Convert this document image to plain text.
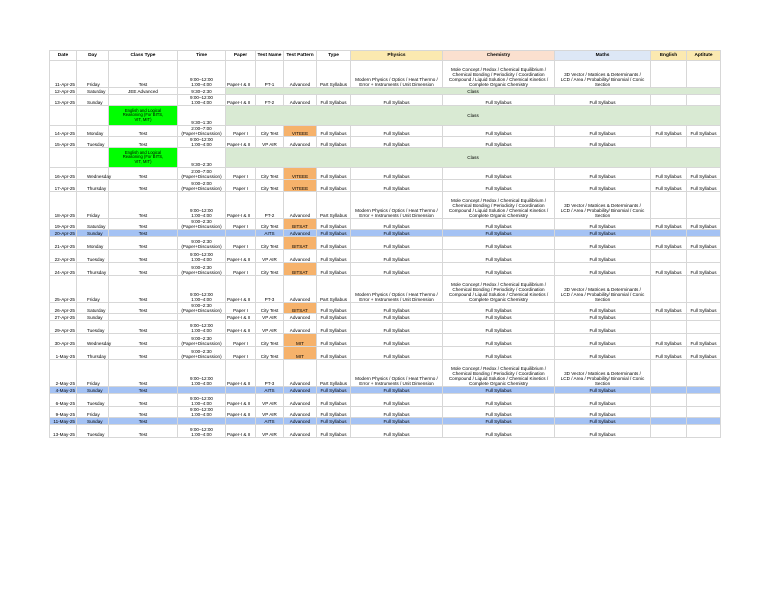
Date	Day	Class Type	Time	Paper	Test Name	Test Pattern	Type	Physics	Chemistry	Maths	English	Aptitute
11-Apr-25	Friday	Test	9:00–12:00
1:00–4:00	Paper-I & II	PT-1	Advanced	Part Syllabus	Modern Physics / Optics / Heat Thermo /
Error + Instruments / Unit Dimension	Mole Concept / Redox / Chemical Equilibrium /
Chemical Bonding / Periodicity / Coordination
Compound / Liquid Solution / Chemical Kinetics /
Complete Organic Chemistry	3D Vector / Matrices & Determinants /
LCD / Area / Probability/ Binomial / Conic
Section		
12-Apr-25	Saturday	JEE Advanced	9:30–2:30	Class								
13-Apr-25	Sunday		9:00–12:00
1:00–4:00	Paper-I & II	FT-2	Advanced	Full Syllabus	Full Syllabus	Full Syllabus	Full Syllabus		
		English and Logical
Reasoning (For BITS,
VIT, MIT)	9:30–1:30	Class								
14-Apr-25	Monday	Test	2:00–7:00
(Paper+Discussion)	Paper I	City Test	VITEEE	Full Syllabus	Full Syllabus	Full Syllabus	Full Syllabus	Full Syllabus	Full Syllabus
15-Apr-25	Tuesday	Test	9:00–12:00
1:00–4:00	Paper-I & II	VP AIR	Advanced	Full Syllabus	Full Syllabus	Full Syllabus	Full Syllabus		
		English and Logical
Reasoning (For BITS,
VIT, MIT)	9:30–2:30	Class								
16-Apr-25	Wednesday	Test	2:00–7:00
(Paper+Discussion)	Paper I	City Test	VITEEE	Full Syllabus	Full Syllabus	Full Syllabus	Full Syllabus	Full Syllabus	Full Syllabus
17-Apr-25	Thursday	Test	9:00–2:00
(Paper+Discussion)	Paper I	City Test	VITEEE	Full Syllabus	Full Syllabus	Full Syllabus	Full Syllabus	Full Syllabus	Full Syllabus
18-Apr-25	Friday	Test	9:00–12:00
1:00–4:00	Paper-I & II	PT-2	Advanced	Part Syllabus	Modern Physics / Optics / Heat Thermo /
Error + Instruments / Unit Dimension	Mole Concept / Redox / Chemical Equilibrium /
Chemical Bonding / Periodicity / Coordination
Compound / Liquid Solution / Chemical Kinetics /
Complete Organic Chemistry	3D Vector / Matrices & Determinants /
LCD / Area / Probability/ Binomial / Conic
Section		
19-Apr-25	Saturday	Test	9:00–2:30
(Paper+Discussion)	Paper I	City Test	BITSAT	Full Syllabus	Full Syllabus	Full Syllabus	Full Syllabus	Full Syllabus	Full Syllabus
20-Apr-25	Sunday	Test			AITS	Advanced	Full Syllabus	Full Syllabus	Full Syllabus	Full Syllabus		
21-Apr-25	Monday	Test	9:00–2:30
(Paper+Discussion)	Paper I	City Test	BITSAT	Full Syllabus	Full Syllabus	Full Syllabus	Full Syllabus	Full Syllabus	Full Syllabus
22-Apr-25	Tuesday	Test	9:00–12:00
1:00–4:00	Paper-I & II	VP AIR	Advanced	Full Syllabus	Full Syllabus	Full Syllabus	Full Syllabus		
24-Apr-25	Thursday	Test	9:00–2:30
(Paper+Discussion)	Paper I	City Test	BITSAT	Full Syllabus	Full Syllabus	Full Syllabus	Full Syllabus	Full Syllabus	Full Syllabus
25-Apr-25	Friday	Test	9:00–12:00
1:00–4:00	Paper-I & II	PT-3	Advanced	Part Syllabus	Modern Physics / Optics / Heat Thermo /
Error + Instruments / Unit Dimension	Mole Concept / Redox / Chemical Equilibrium /
Chemical Bonding / Periodicity / Coordination
Compound / Liquid Solution / Chemical Kinetics /
Complete Organic Chemistry	3D Vector / Matrices & Determinants /
LCD / Area / Probability/ Binomial / Conic
Section		
26-Apr-25	Saturday	Test	9:00–2:30
(Paper+Discussion)	Paper I	City Test	BITSAT	Full Syllabus	Full Syllabus	Full Syllabus	Full Syllabus	Full Syllabus	Full Syllabus
27-Apr-25	Sunday			Paper-I & II	VP AIR	Advanced	Full Syllabus	Full Syllabus	Full Syllabus	Full Syllabus		
29-Apr-25	Tuesday	Test	9:00–12:00
1:00–4:00	Paper-I & II	VP AIR	Advanced	Full Syllabus	Full Syllabus	Full Syllabus	Full Syllabus		
30-Apr-25	Wednesday	Test	9:00–2:30
(Paper+Discussion)	Paper I	City Test	MIT	Full Syllabus	Full Syllabus	Full Syllabus	Full Syllabus	Full Syllabus	Full Syllabus
1-May-25	Thursday	Test	9:00–2:30
(Paper+Discussion)	Paper I	City Test	MIT	Full Syllabus	Full Syllabus	Full Syllabus	Full Syllabus	Full Syllabus	Full Syllabus
2-May-25	Friday	Test	9:00–12:00
1:00–4:00	Paper-I & II	PT-3	Advanced	Part Syllabus	Modern Physics / Optics / Heat Thermo /
Error + Instruments / Unit Dimension	Mole Concept / Redox / Chemical Equilibrium /
Chemical Bonding / Periodicity / Coordination
Compound / Liquid Solution / Chemical Kinetics /
Complete Organic Chemistry	3D Vector / Matrices & Determinants /
LCD / Area / Probability/ Binomial / Conic
Section		
4-May-25	Sunday	Test			AITS	Advanced	Full Syllabus	Full Syllabus	Full Syllabus	Full Syllabus		
6-May-25	Tuesday	Test	9:00–12:00
1:00–4:00	Paper-I & II	VP AIR	Advanced	Full Syllabus	Full Syllabus	Full Syllabus	Full Syllabus		
9-May-25	Friday	Test	9:00–12:00
1:00–4:00	Paper-I & II	VP AIR	Advanced	Full Syllabus	Full Syllabus	Full Syllabus	Full Syllabus		
11-May-25	Sunday	Test			AITS	Advanced	Full Syllabus	Full Syllabus	Full Syllabus	Full Syllabus		
13-May-25	Tuesday	Test	9:00–12:00
1:00–4:00	Paper-I & II	VP AIR	Advanced	Full Syllabus	Full Syllabus	Full Syllabus	Full Syllabus		
